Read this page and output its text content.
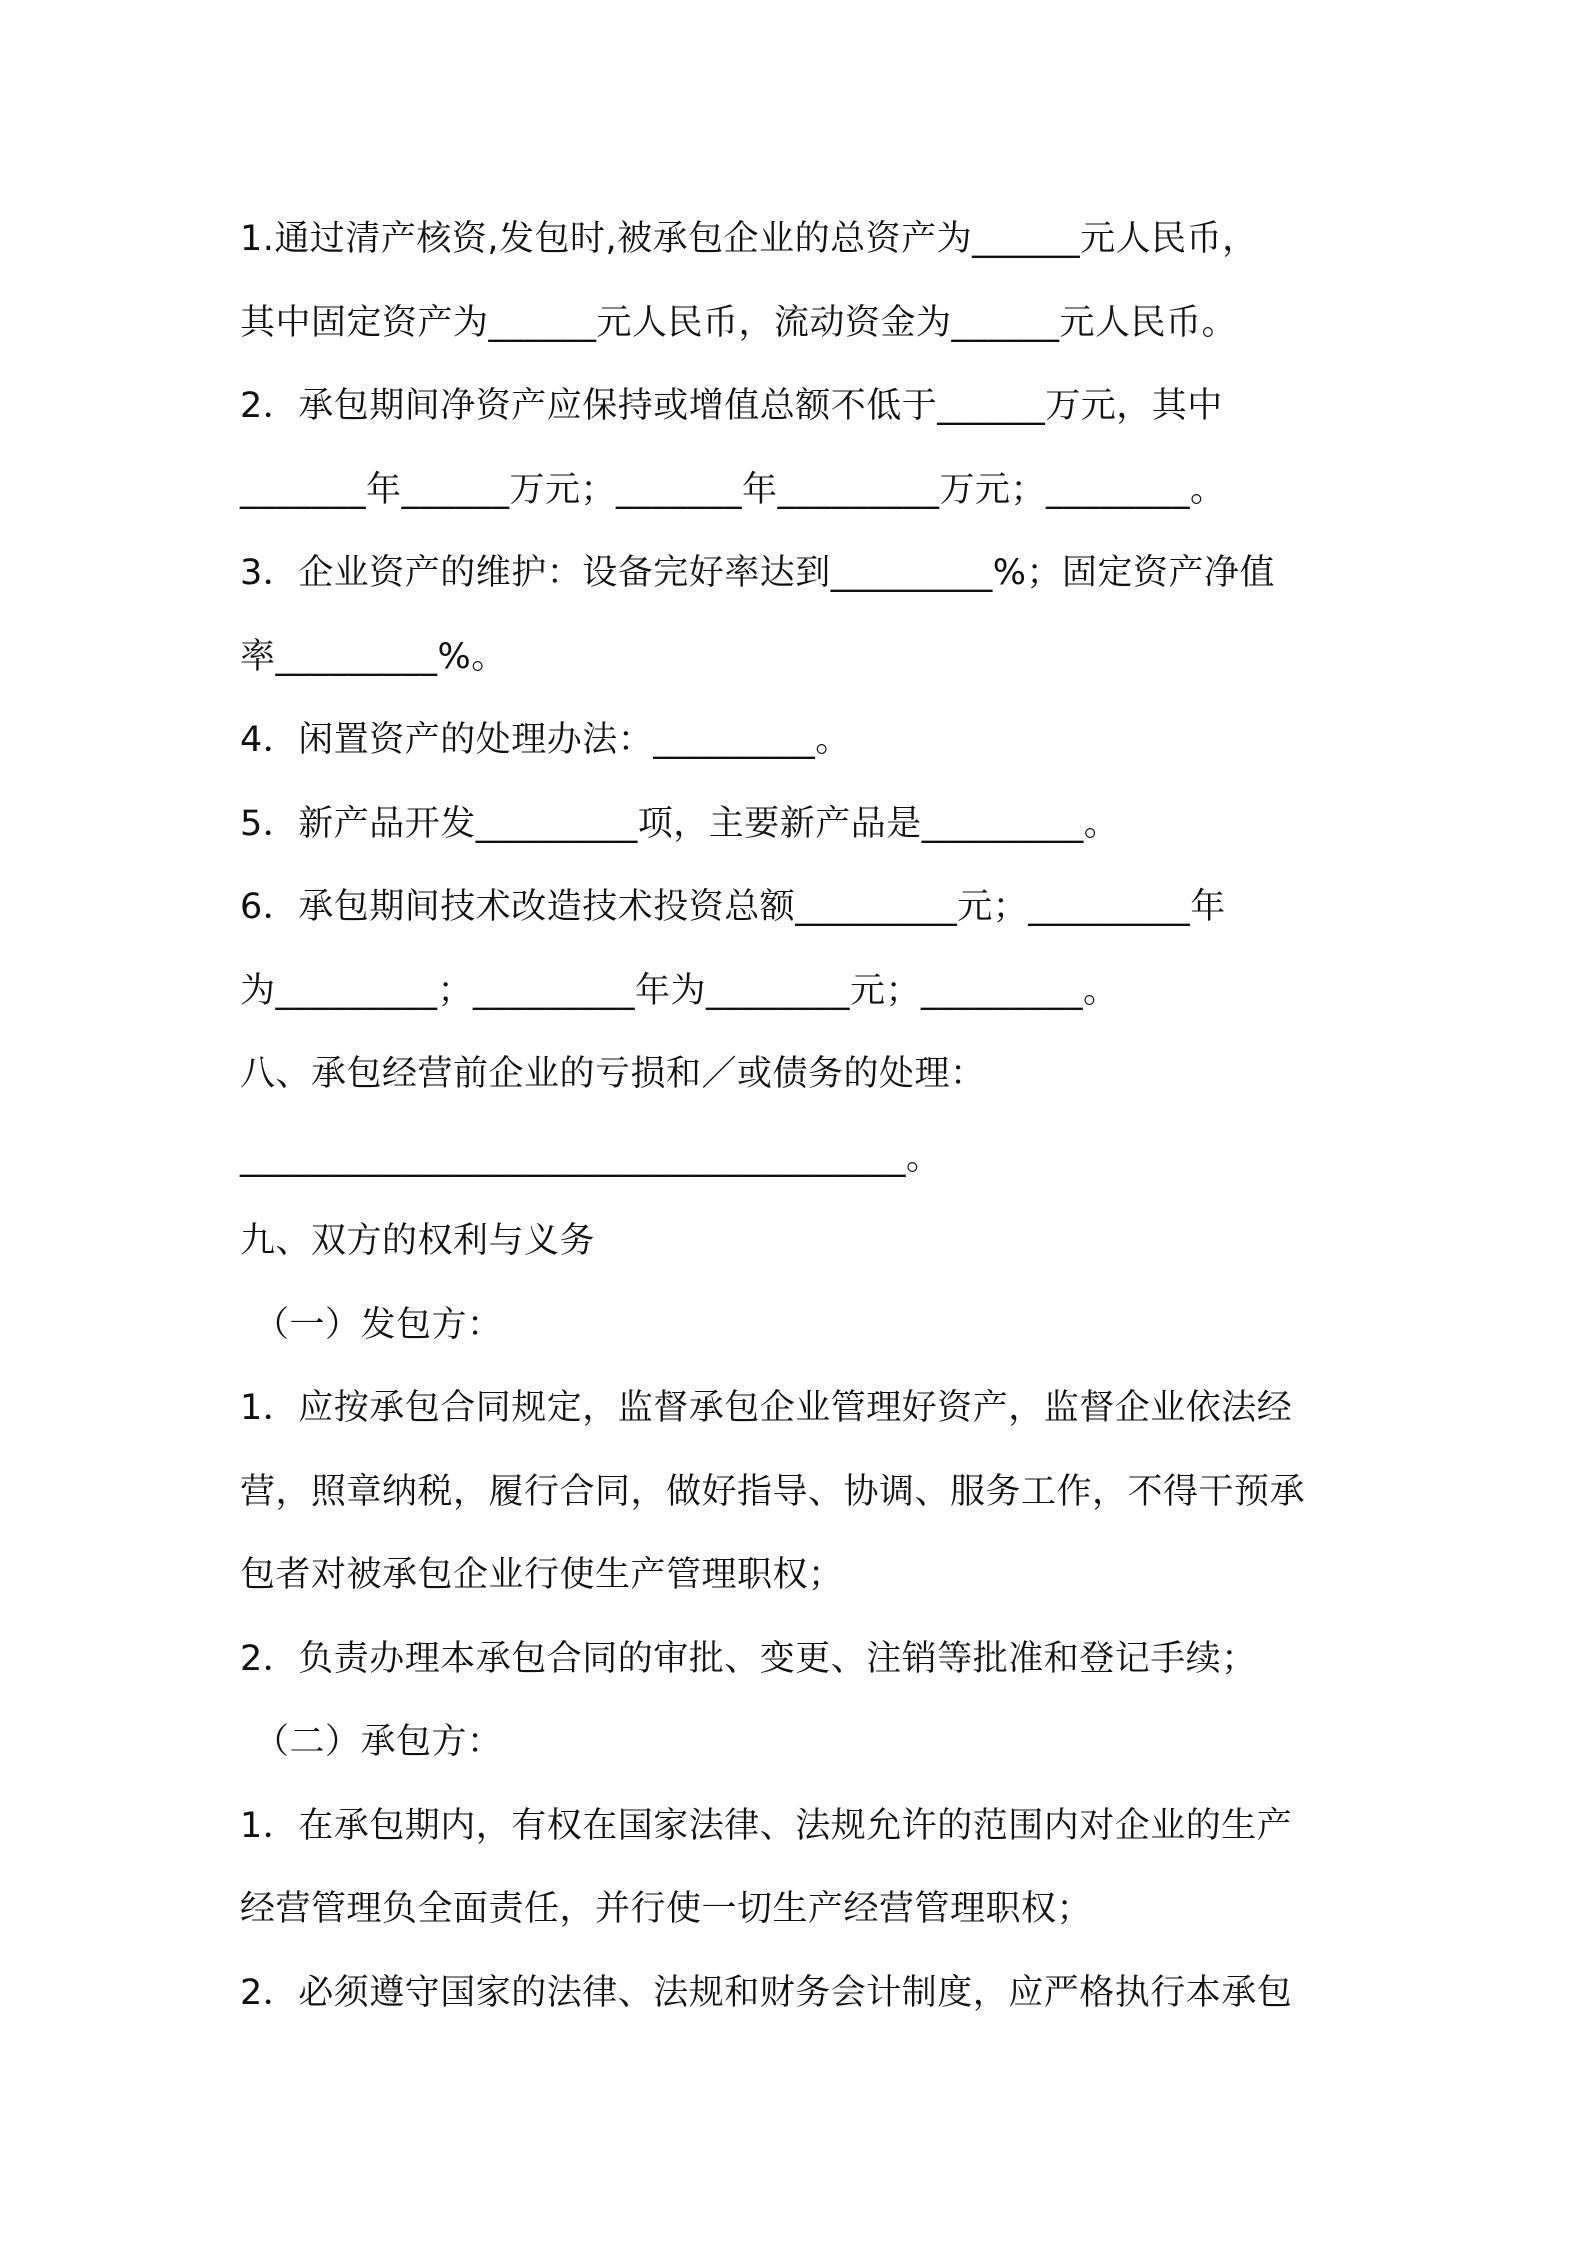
1.通过清产核资,发包时,被承包企业的总资产为______元人民币，
其中固定资产为______元人民币，流动资金为______元人民币。
2．承包期间净资产应保持或增值总额不低于______万元，其中
_______年______万元；_______年_________万元；________。
3．企业资产的维护：设备完好率达到_________%；固定资产净值
率_________%。
4．闲置资产的处理办法：_________。
5．新产品开发_________项，主要新产品是_________。
6．承包期间技术改造技术投资总额_________元；_________年
为_________；_________年为________元；_________。
八、承包经营前企业的亏损和／或债务的处理：
_____________________________________。
九、双方的权利与义务
（一）发包方：
1．应按承包合同规定，监督承包企业管理好资产，监督企业依法经
营，照章纳税，履行合同，做好指导、协调、服务工作，不得干预承
包者对被承包企业行使生产管理职权；
2．负责办理本承包合同的审批、变更、注销等批准和登记手续；
（二）承包方：
1．在承包期内，有权在国家法律、法规允许的范围内对企业的生产
经营管理负全面责任，并行使一切生产经营管理职权；
2．必须遵守国家的法律、法规和财务会计制度，应严格执行本承包
